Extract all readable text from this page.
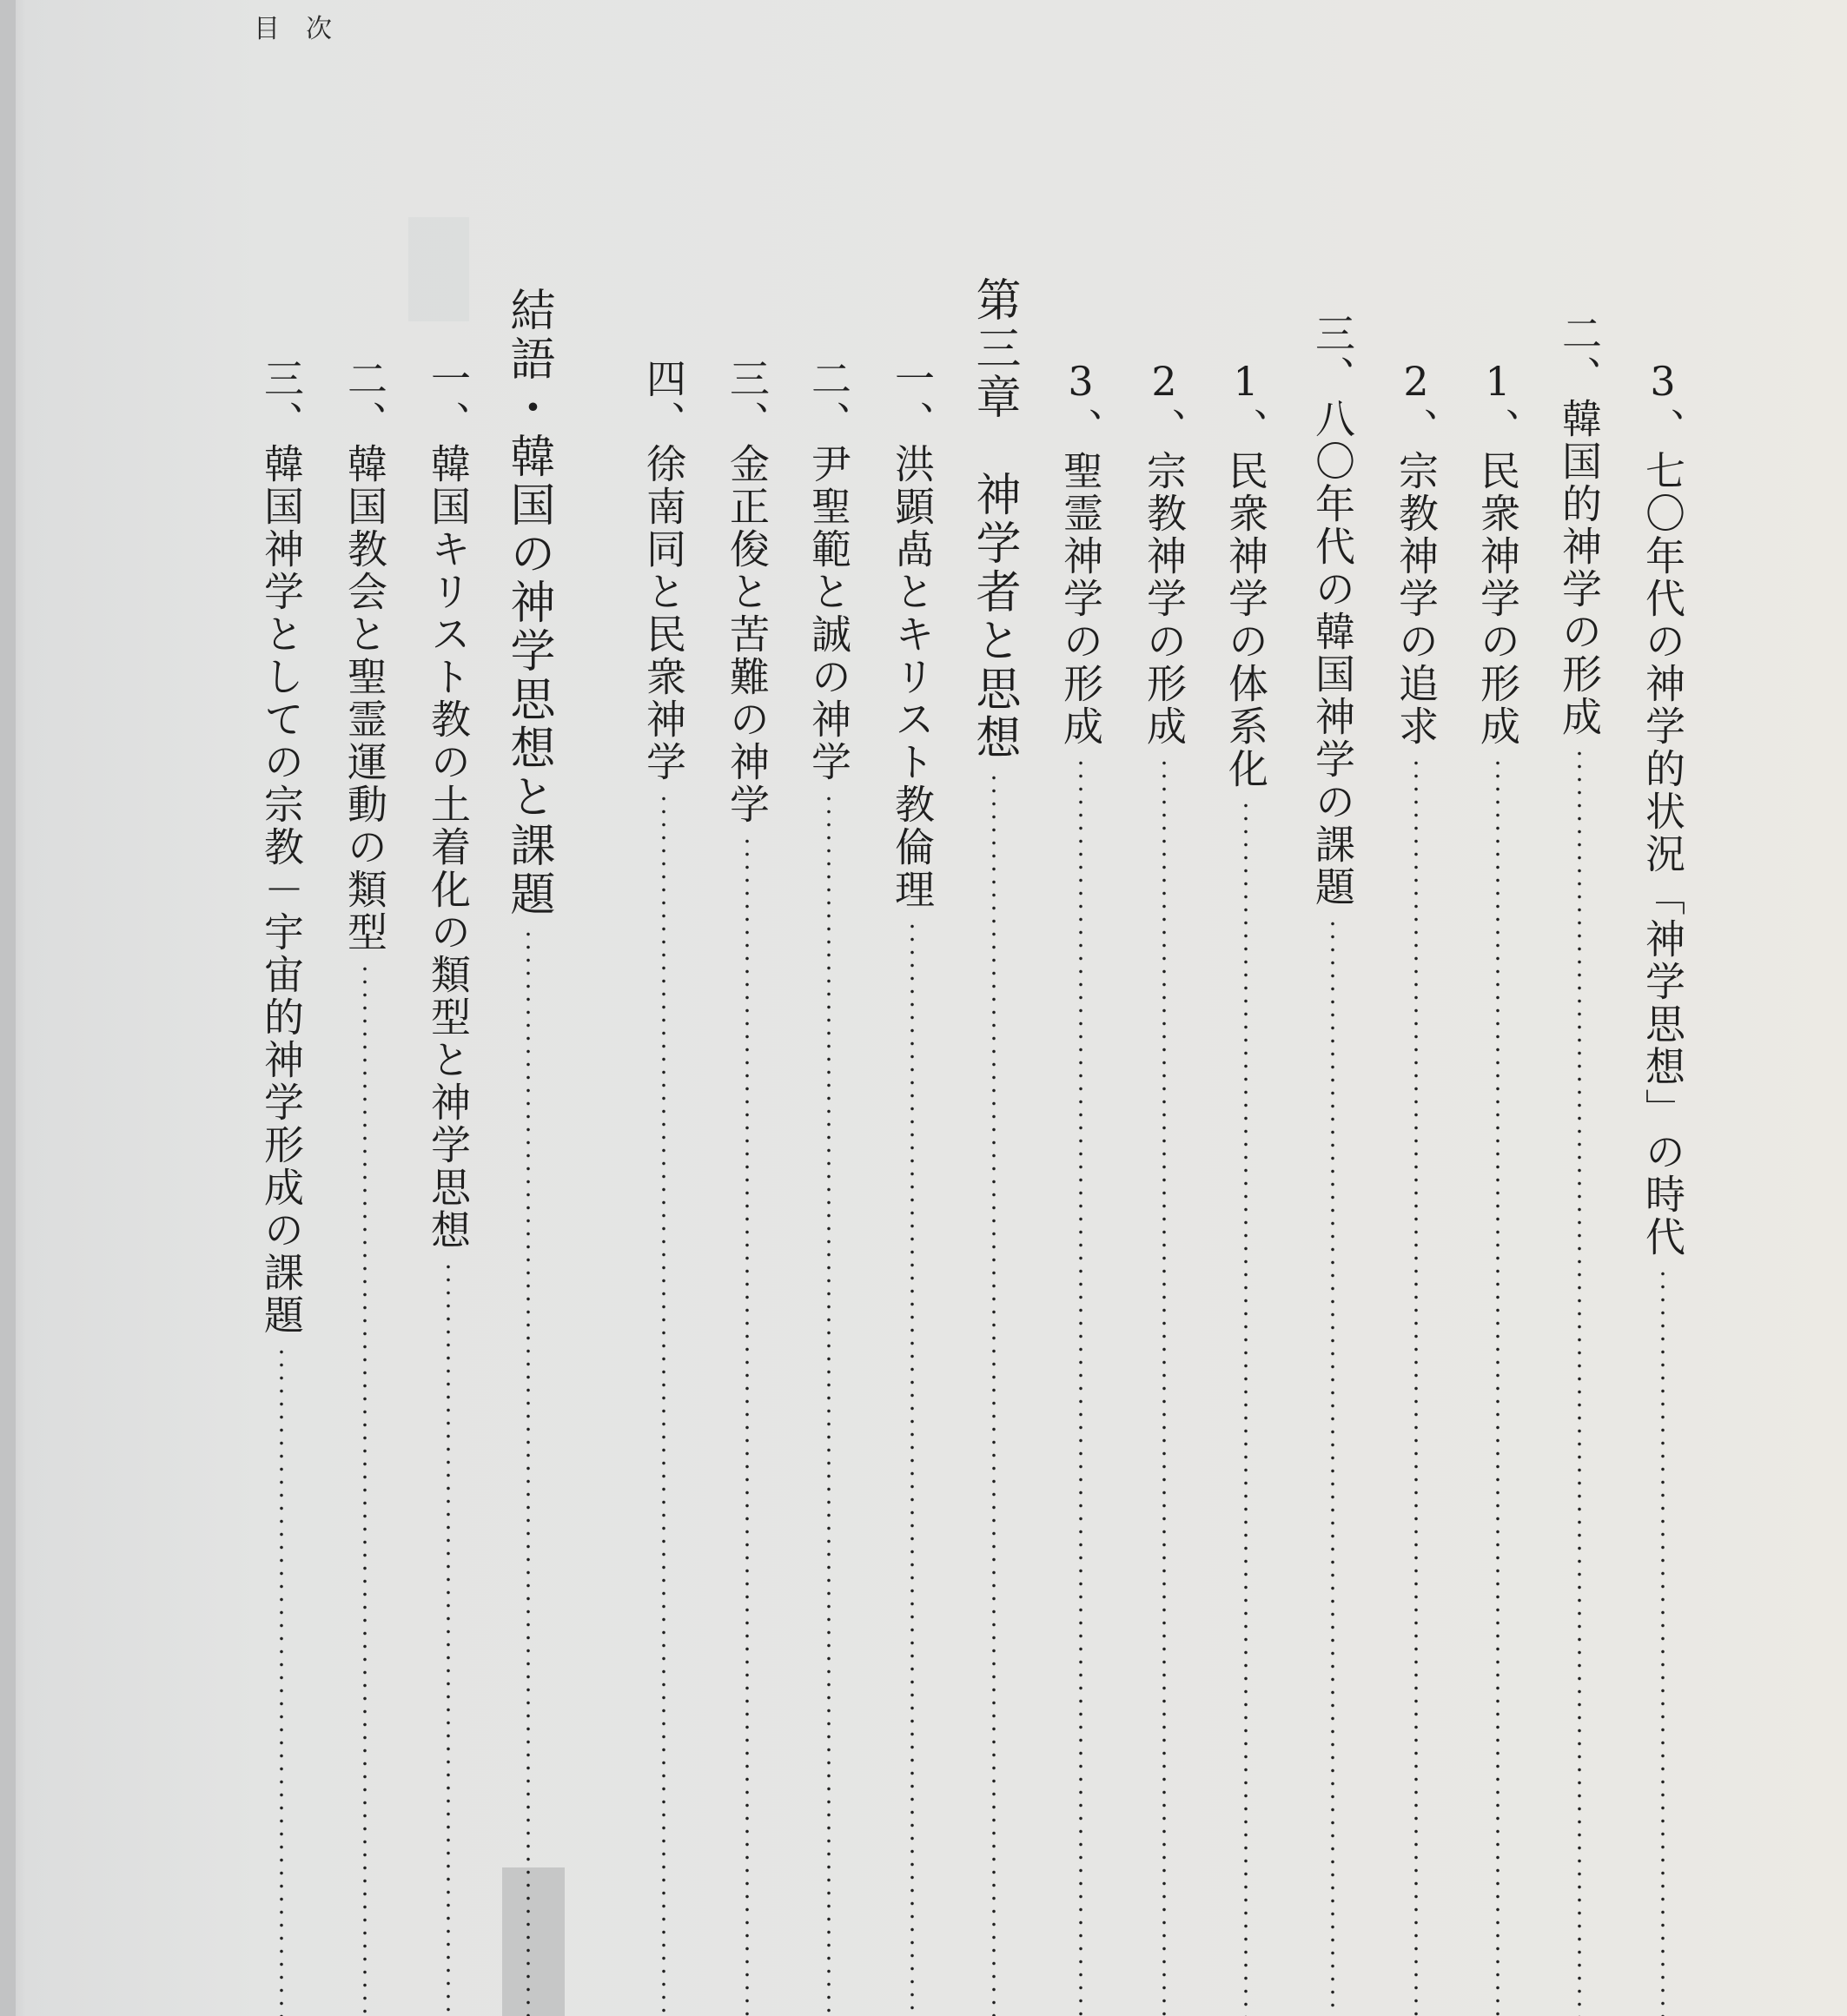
目　次
3、七〇年代の神学的状況「神学思想」の時代
二、韓国的神学の形成
1、民衆神学の形成
2、宗教神学の追求
三、八〇年代の韓国神学の課題
1、民衆神学の体系化
2、宗教神学の形成
3、聖霊神学の形成
第三章　神学者と思想
一、洪顕卨とキリスト教倫理
二、尹聖範と誠の神学
三、金正俊と苦難の神学
四、徐南同と民衆神学
結語・韓国の神学思想と課題
一、韓国キリスト教の土着化の類型と神学思想
二、韓国教会と聖霊運動の類型
三、韓国神学としての宗教－宇宙的神学形成の課題
